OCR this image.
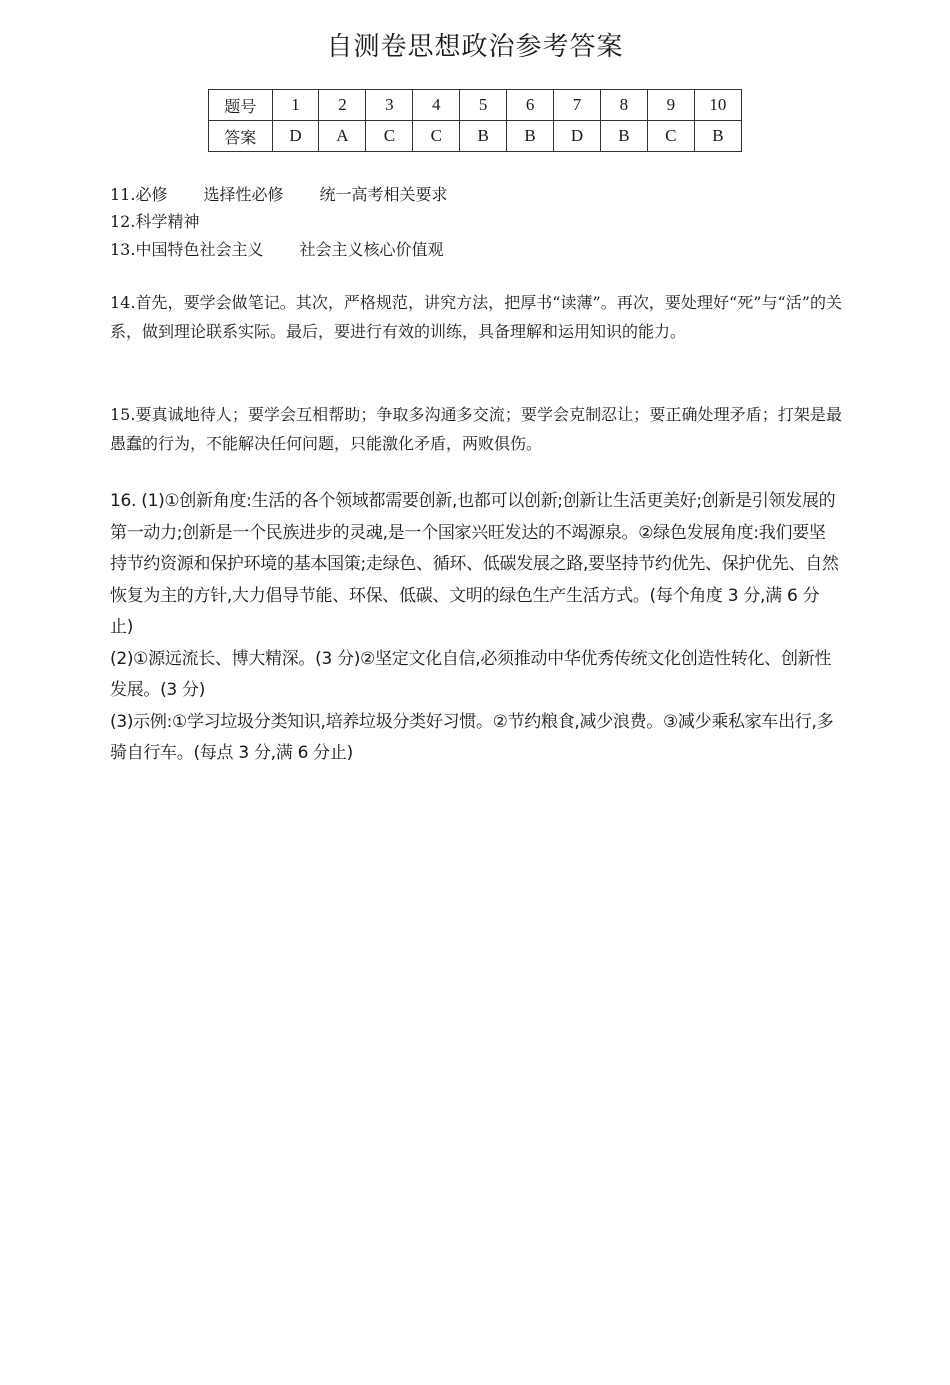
自测卷思想政治参考答案
题号	1	2	3	4	5	6	7	8	9	10
答案	D	A	C	C	B	B	D	B	C	B
11.必修 选择性必修 统一高考相关要求
12.科学精神
13.中国特色社会主义 社会主义核心价值观
14.首先，要学会做笔记。其次，严格规范，讲究方法，把厚书“读薄”。再次，要处理好“死”与“活”的关系，做到理论联系实际。最后，要进行有效的训练，具备理解和运用知识的能力。
15.要真诚地待人；要学会互相帮助；争取多沟通多交流；要学会克制忍让；要正确处理矛盾；打架是最愚蠢的行为，不能解决任何问题，只能激化矛盾，两败俱伤。
16. (1)①创新角度:生活的各个领域都需要创新,也都可以创新;创新让生活更美好;创新是引领发展的第一动力;创新是一个民族进步的灵魂,是一个国家兴旺发达的不竭源泉。②绿色发展角度:我们要坚持节约资源和保护环境的基本国策;走绿色、循环、低碳发展之路,要坚持节约优先、保护优先、自然恢复为主的方针,大力倡导节能、环保、低碳、文明的绿色生产生活方式。(每个角度 3 分,满 6 分止)
(2)①源远流长、博大精深。(3 分)②坚定文化自信,必须推动中华优秀传统文化创造性转化、创新性发展。(3 分)
(3)示例:①学习垃圾分类知识,培养垃圾分类好习惯。②节约粮食,减少浪费。③减少乘私家车出行,多骑自行车。(每点 3 分,满 6 分止)
